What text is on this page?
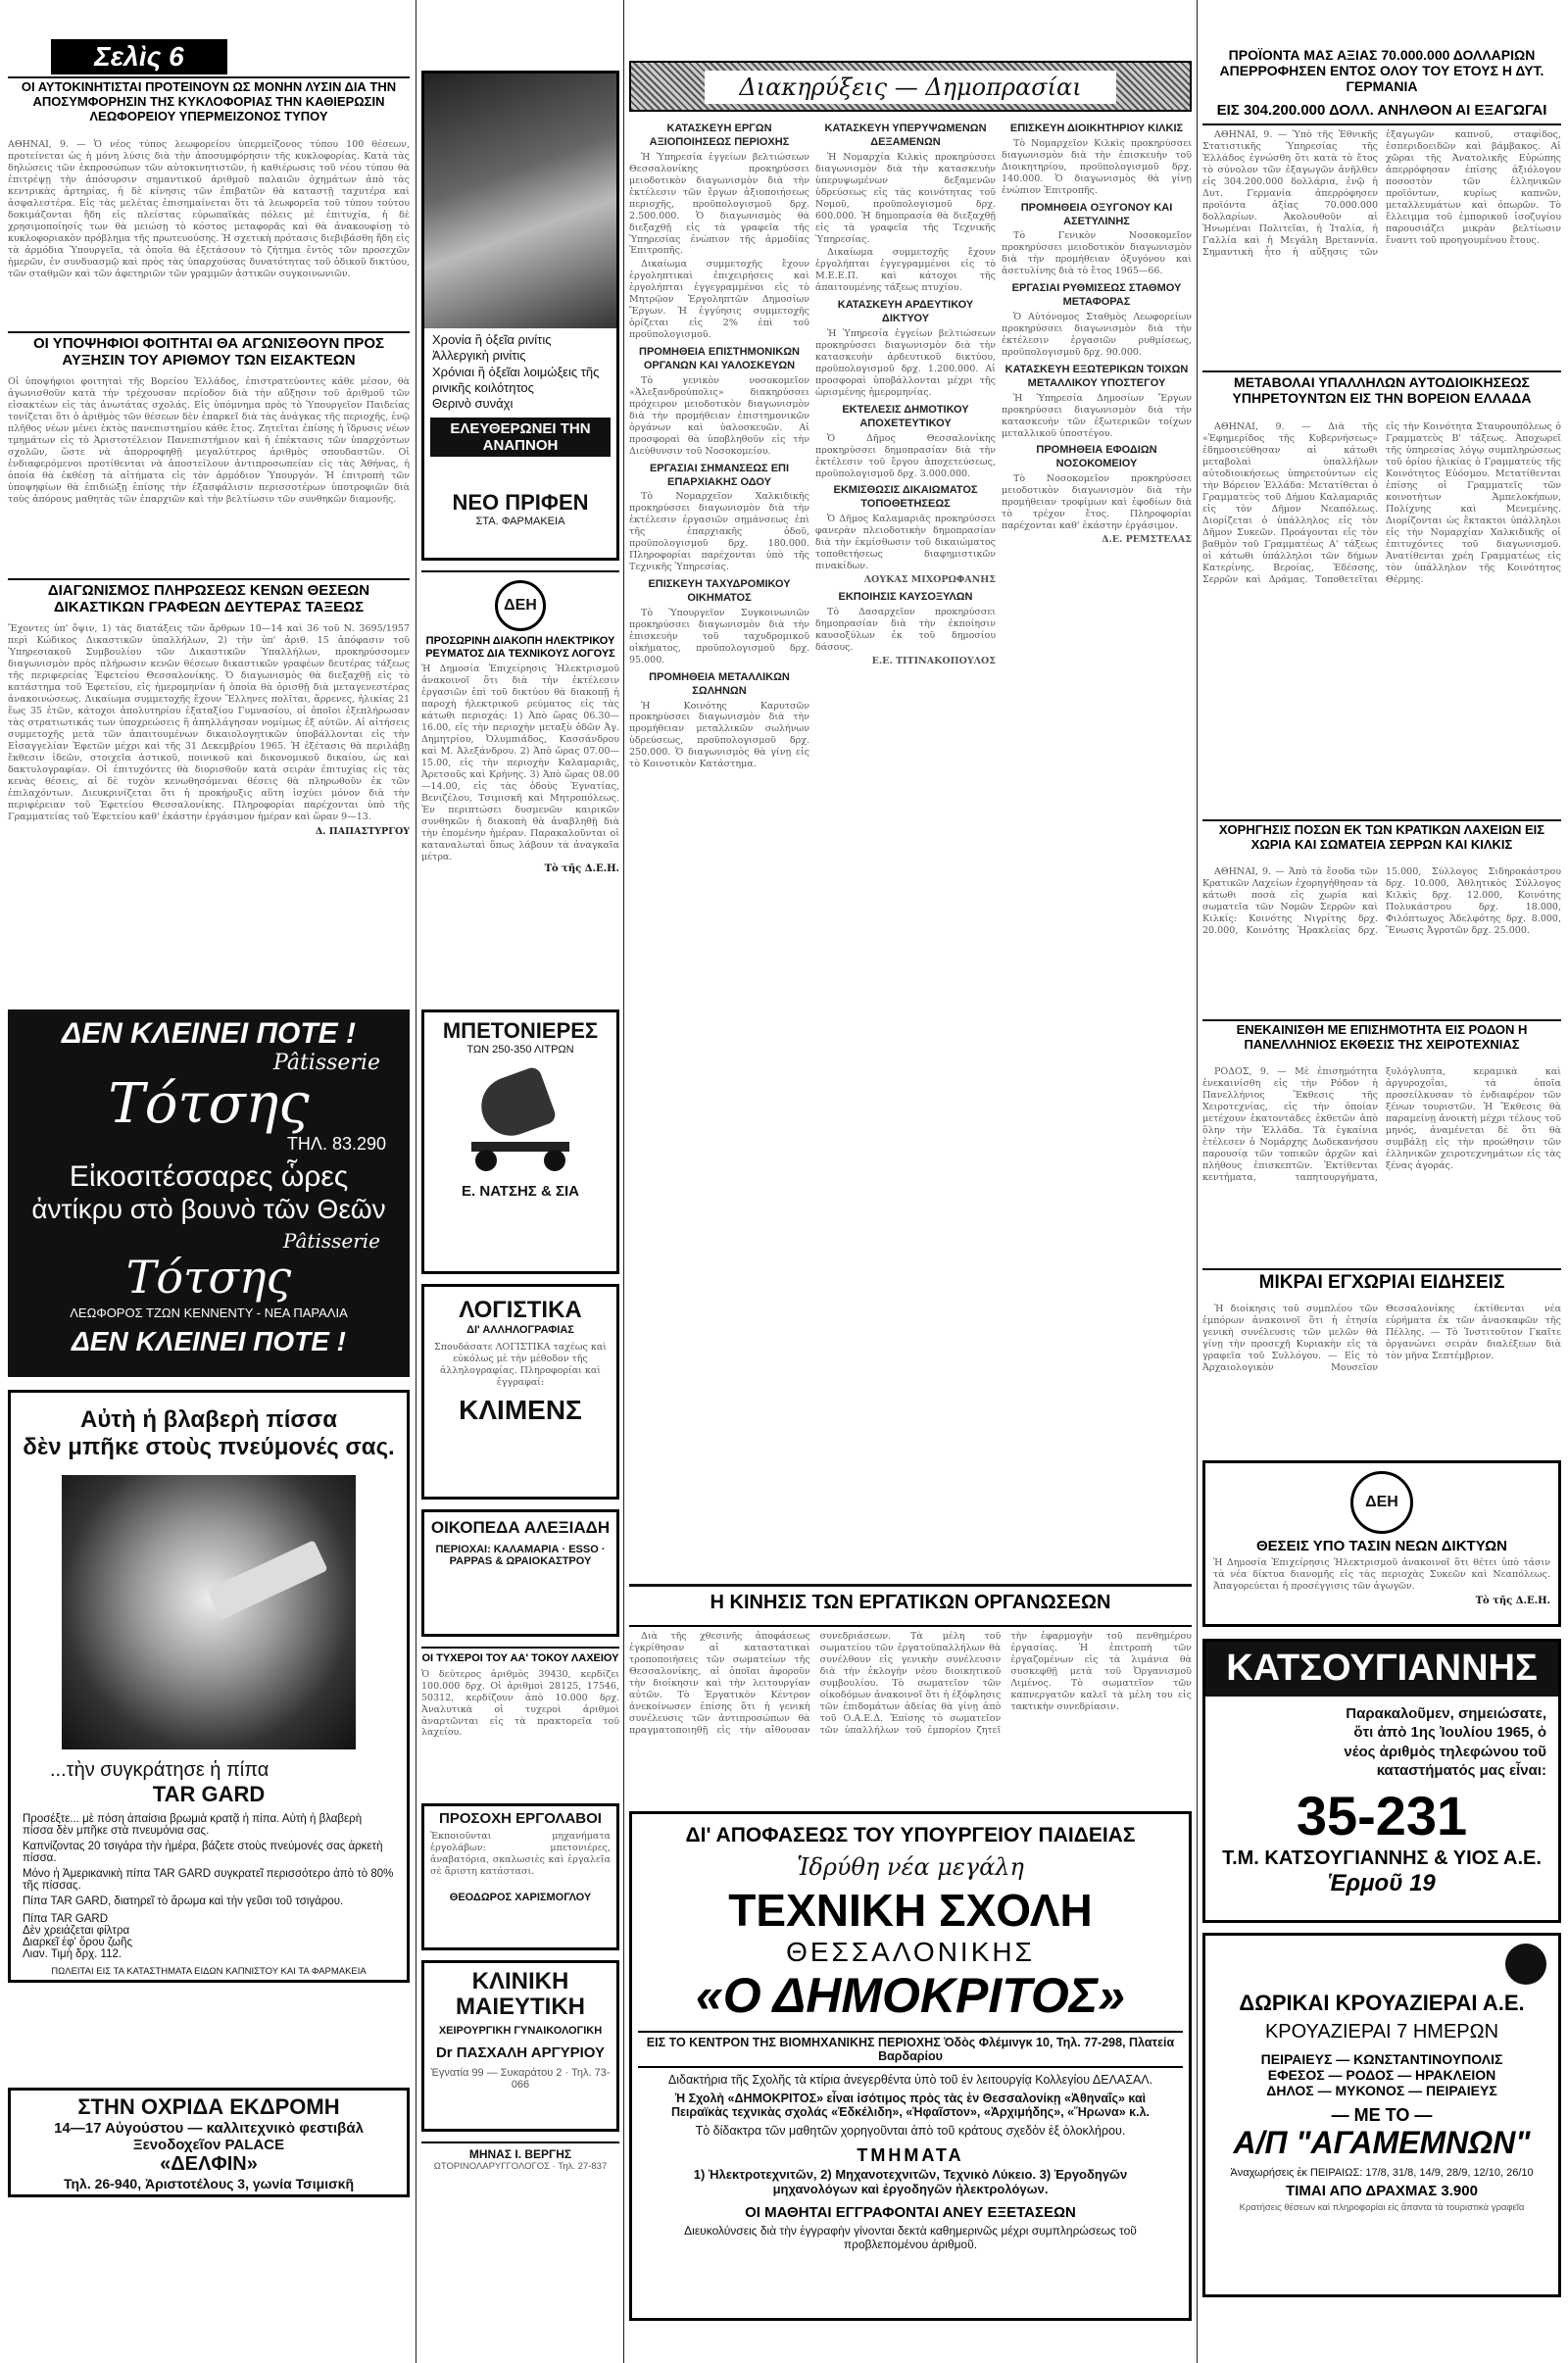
Σελὶς 6
ΟΙ ΑΥΤΟΚΙΝΗΤΙΣΤΑΙ ΠΡΟΤΕΙΝΟΥΝ ΩΣ ΜΟΝΗΝ ΛΥΣΙΝ ΔΙΑ ΤΗΝ ΑΠΟΣΥΜΦΟΡΗΣΙΝ ΤΗΣ ΚΥΚΛΟΦΟΡΙΑΣ ΤΗΝ ΚΑΘΙΕΡΩΣΙΝ ΛΕΩΦΟΡΕΙΟΥ ΥΠΕΡΜΕΙΖΟΝΟΣ ΤΥΠΟΥ
ΑΘΗΝΑΙ, 9. — Ὁ νέος τύπος λεωφορείου ὑπερμείζονος τύπου 100 θέσεων, προτείνεται ὡς ἡ μόνη λύσις διὰ τὴν ἀποσυμφόρησιν τῆς κυκλοφορίας. Κατὰ τὰς δηλώσεις τῶν ἐκπροσώπων τῶν αὐτοκινητιστῶν, ἡ καθιέρωσις τοῦ νέου τύπου θὰ ἐπιτρέψῃ τὴν ἀπόσυρσιν σημαντικοῦ ἀριθμοῦ παλαιῶν ὀχημάτων ἀπὸ τὰς κεντρικὰς ἀρτηρίας, ἡ δὲ κίνησις τῶν ἐπιβατῶν θὰ καταστῇ ταχυτέρα καὶ ἀσφαλεστέρα. Εἰς τὰς μελέτας ἐπισημαίνεται ὅτι τὰ λεωφορεῖα τοῦ τύπου τούτου δοκιμάζονται ἤδη εἰς πλείστας εὐρωπαϊκὰς πόλεις μὲ ἐπιτυχία, ἡ δὲ χρησιμοποίησίς των θὰ μειώσῃ τὸ κόστος μεταφορᾶς καὶ θὰ ἀνακουφίσῃ τὸ κυκλοφοριακὸν πρόβλημα τῆς πρωτευούσης. Ἡ σχετικὴ πρότασις διεβιβάσθη ἤδη εἰς τὰ ἁρμόδια Ὑπουργεῖα, τὰ ὁποῖα θὰ ἐξετάσουν τὸ ζήτημα ἐντὸς τῶν προσεχῶν ἡμερῶν, ἐν συνδυασμῷ καὶ πρὸς τὰς ὑπαρχούσας δυνατότητας τοῦ ὁδικοῦ δικτύου, τῶν σταθμῶν καὶ τῶν ἀφετηριῶν τῶν γραμμῶν ἀστικῶν συγκοινωνιῶν.
ΟΙ ΥΠΟΨΗΦΙΟΙ ΦΟΙΤΗΤΑΙ ΘΑ ΑΓΩΝΙΣΘΟΥΝ ΠΡΟΣ ΑΥΞΗΣΙΝ ΤΟΥ ΑΡΙΘΜΟΥ ΤΩΝ ΕΙΣΑΚΤΕΩΝ
Οἱ ὑποψήφιοι φοιτηταὶ τῆς Βορείου Ἑλλάδος, ἐπιστρατεύοντες κάθε μέσον, θὰ ἀγωνισθοῦν κατὰ τὴν τρέχουσαν περίοδον διὰ τὴν αὔξησιν τοῦ ἀριθμοῦ τῶν εἰσακτέων εἰς τὰς ἀνωτάτας σχολάς. Εἰς ὑπόμνημα πρὸς τὸ Ὑπουργεῖον Παιδείας τονίζεται ὅτι ὁ ἀριθμὸς τῶν θέσεων δὲν ἐπαρκεῖ διὰ τὰς ἀνάγκας τῆς περιοχῆς, ἐνῷ πλῆθος νέων μένει ἐκτὸς πανεπιστημίου κάθε ἔτος. Ζητεῖται ἐπίσης ἡ ἵδρυσις νέων τμημάτων εἰς τὸ Ἀριστοτέλειον Πανεπιστήμιον καὶ ἡ ἐπέκτασις τῶν ὑπαρχόντων σχολῶν, ὥστε νὰ ἀπορροφηθῇ μεγαλύτερος ἀριθμὸς σπουδαστῶν. Οἱ ἐνδιαφερόμενοι προτίθενται νὰ ἀποστείλουν ἀντιπροσωπείαν εἰς τὰς Ἀθήνας, ἡ ὁποία θὰ ἐκθέσῃ τὰ αἰτήματα εἰς τὸν ἁρμόδιον Ὑπουργόν. Ἡ ἐπιτροπὴ τῶν ὑποψηφίων θὰ ἐπιδιώξῃ ἐπίσης τὴν ἐξασφάλισιν περισσοτέρων ὑποτροφιῶν διὰ τοὺς ἀπόρους μαθητὰς τῶν ἐπαρχιῶν καὶ τὴν βελτίωσιν τῶν συνθηκῶν διαμονῆς.
ΔΙΑΓΩΝΙΣΜΟΣ ΠΛΗΡΩΣΕΩΣ ΚΕΝΩΝ ΘΕΣΕΩΝ ΔΙΚΑΣΤΙΚΩΝ ΓΡΑΦΕΩΝ ΔΕΥΤΕΡΑΣ ΤΑΞΕΩΣ
Ἔχοντες ὑπ' ὄψιν, 1) τὰς διατάξεις τῶν ἄρθρων 10—14 καὶ 36 τοῦ Ν. 3695/1957 περὶ Κώδικος Δικαστικῶν ὑπαλλήλων, 2) τὴν ὑπ' ἀριθ. 15 ἀπόφασιν τοῦ Ὑπηρεσιακοῦ Συμβουλίου τῶν Δικαστικῶν Ὑπαλλήλων, προκηρύσσομεν διαγωνισμὸν πρὸς πλήρωσιν κενῶν θέσεων δικαστικῶν γραφέων δευτέρας τάξεως τῆς περιφερείας Ἐφετείου Θεσσαλονίκης. Ὁ διαγωνισμὸς θὰ διεξαχθῇ εἰς τὸ κατάστημα τοῦ Ἐφετείου, εἰς ἡμερομηνίαν ἡ ὁποία θὰ ὁρισθῇ διὰ μεταγενεστέρας ἀνακοινώσεως. Δικαίωμα συμμετοχῆς ἔχουν Ἕλληνες πολῖται, ἄρρενες, ἡλικίας 21 ἕως 35 ἐτῶν, κάτοχοι ἀπολυτηρίου ἑξαταξίου Γυμνασίου, οἱ ὁποῖοι ἐξεπλήρωσαν τὰς στρατιωτικάς των ὑποχρεώσεις ἢ ἀπηλλάγησαν νομίμως ἐξ αὐτῶν. Αἱ αἰτήσεις συμμετοχῆς μετὰ τῶν ἀπαιτουμένων δικαιολογητικῶν ὑποβάλλονται εἰς τὴν Εἰσαγγελίαν Ἐφετῶν μέχρι καὶ τῆς 31 Δεκεμβρίου 1965. Ἡ ἐξέτασις θὰ περιλάβῃ ἔκθεσιν ἰδεῶν, στοιχεῖα ἀστικοῦ, ποινικοῦ καὶ δικονομικοῦ δικαίου, ὡς καὶ δακτυλογραφίαν. Οἱ ἐπιτυχόντες θὰ διορισθοῦν κατὰ σειρὰν ἐπιτυχίας εἰς τὰς κενὰς θέσεις, αἱ δὲ τυχὸν κενωθησόμεναι θέσεις θὰ πληρωθοῦν ἐκ τῶν ἐπιλαχόντων. Διευκρινίζεται ὅτι ἡ προκήρυξις αὕτη ἰσχύει μόνον διὰ τὴν περιφέρειαν τοῦ Ἐφετείου Θεσσαλονίκης. Πληροφορίαι παρέχονται ὑπὸ τῆς Γραμματείας τοῦ Ἐφετείου καθ' ἑκάστην ἐργάσιμον ἡμέραν καὶ ὥραν 9—13.
Δ. ΠΑΠΑΣΤΥΡΓΟΥ
ΔΕΝ ΚΛΕΙΝΕΙ ΠΟΤΕ !
Pâtisserie
Tότσης
ΤΗΛ. 83.290
Εἰκοσιτέσσαρες ὧρες
ἀντίκρυ στὸ βουνὸ τῶν Θεῶν
Pâtisserie
Tότσης
ΛΕΩΦΟΡΟΣ ΤΖΩΝ ΚΕΝΝΕΝΤΥ - ΝΕΑ ΠΑΡΑΛΙΑ
ΔΕΝ ΚΛΕΙΝΕΙ ΠΟΤΕ !
Αὐτὴ ἡ βλαβερὴ πίσσα
δὲν μπῆκε στοὺς πνεύμονές σας.
...τὴν συγκράτησε ἡ πίπα
TAR GARD
Προσέξτε... μὲ πόση ἀπαίσια βρωμιὰ κρατᾷ ἡ πίπα. Αὐτὴ ἡ βλαβερὴ πίσσα δὲν μπῆκε στὰ πνευμόνια σας.
Καπνίζοντας 20 τσιγάρα τὴν ἡμέρα, βάζετε στοὺς πνεύμονές σας ἀρκετὴ πίσσα.
Μόνο ἡ Ἀμερικανικὴ πίπα TAR GARD συγκρατεῖ περισσότερο ἀπὸ τὸ 80% τῆς πίσσας.
Πίπα TAR GARD, διατηρεῖ τὸ ἄρωμα καὶ τὴν γεῦσι τοῦ τσιγάρου.
Πίπα TAR GARD
Δὲν χρειάζεται φίλτρα
Διαρκεῖ ἐφ' ὅρου ζωῆς
Λιαν. Τιμὴ δρχ. 112.
ΠΩΛΕΙΤΑΙ ΕΙΣ ΤΑ ΚΑΤΑΣΤΗΜΑΤΑ ΕΙΔΩΝ ΚΑΠΝΙΣΤΟΥ ΚΑΙ ΤΑ ΦΑΡΜΑΚΕΙΑ
ΣΤΗΝ ΟΧΡΙΔΑ ΕΚΔΡΟΜΗ
14—17 Αὐγούστου — καλλιτεχνικὸ φεστιβάλ
Ξενοδοχεῖον PALACE
«ΔΕΛΦΙΝ»
Τηλ. 26-940, Ἀριστοτέλους 3, γωνία Τσιμισκῆ
Χρονία ἢ ὀξεῖα ρινίτις
Ἀλλεργικὴ ρινίτις
Χρόνιαι ἢ ὀξεῖαι λοιμώξεις τῆς ρινικῆς κοιλότητος
Θερινὸ συνάχι
ΕΛΕΥΘΕΡΩΝΕΙ ΤΗΝ ΑΝΑΠΝΟΗ
ΝΕΟ ΠΡΙΦΕΝ
ΣΤΑ. ΦΑΡΜΑΚΕΙΑ
ΔΕΗ
ΠΡΟΣΩΡΙΝΗ ΔΙΑΚΟΠΗ ΗΛΕΚΤΡΙΚΟΥ ΡΕΥΜΑΤΟΣ ΔΙΑ ΤΕΧΝΙΚΟΥΣ ΛΟΓΟΥΣ
Ἡ Δημοσία Ἐπιχείρησις Ἠλεκτρισμοῦ ἀνακοινοῖ ὅτι διὰ τὴν ἐκτέλεσιν ἐργασιῶν ἐπὶ τοῦ δικτύου θὰ διακοπῇ ἡ παροχὴ ἠλεκτρικοῦ ρεύματος εἰς τὰς κάτωθι περιοχάς: 1) Ἀπὸ ὥρας 06.30—16.00, εἰς τὴν περιοχὴν μεταξὺ ὁδῶν Ἀγ. Δημητρίου, Ὀλυμπιάδος, Κασσάνδρου καὶ Μ. Ἀλεξάνδρου. 2) Ἀπὸ ὥρας 07.00—15.00, εἰς τὴν περιοχὴν Καλαμαριᾶς, Ἀρετσοῦς καὶ Κρήνης. 3) Ἀπὸ ὥρας 08.00—14.00, εἰς τὰς ὁδοὺς Ἐγνατίας, Βενιζέλου, Τσιμισκῆ καὶ Μητροπόλεως. Ἐν περιπτώσει δυσμενῶν καιρικῶν συνθηκῶν ἡ διακοπὴ θὰ ἀναβληθῇ διὰ τὴν ἑπομένην ἡμέραν. Παρακαλοῦνται οἱ καταναλωταὶ ὅπως λάβουν τὰ ἀναγκαῖα μέτρα.
Τὸ τῆς Δ.Ε.Η.
ΜΠΕΤΟΝΙΕΡΕΣ
ΤΩΝ 250-350 ΛΙΤΡΩΝ
Ε. ΝΑΤΣΗΣ & ΣΙΑ
ΛΟΓΙΣΤΙΚΑ
ΔΙ' ΑΛΛΗΛΟΓΡΑΦΙΑΣ
Σπουδάσατε ΛΟΓΙΣΤΙΚΑ ταχέως καὶ εὐκόλως μὲ τὴν μέθοδον τῆς ἀλληλογραφίας. Πληροφορίαι καὶ ἐγγραφαί:
ΚΛΙΜΕΝΣ
ΟΙΚΟΠΕΔΑ ΑΛΕΞΙΑΔΗ
ΠΕΡΙΟΧΑΙ: ΚΑΛΑΜΑΡΙΑ · ESSO · PAPPAS & ΩΡΑΙΟΚΑΣΤΡΟΥ
ΟΙ ΤΥΧΕΡΟΙ ΤΟΥ ΑΑ' ΤΟΚΟΥ ΛΑΧΕΙΟΥ
Ὁ δεύτερος ἀριθμὸς 39430, κερδίζει 100.000 δρχ. Οἱ ἀριθμοὶ 28125, 17546, 50312, κερδίζουν ἀπὸ 10.000 δρχ. Ἀναλυτικὰ οἱ τυχεροὶ ἀριθμοὶ ἀναρτῶνται εἰς τὰ πρακτορεῖα τοῦ λαχείου.
ΠΡΟΣΟΧΗ ΕΡΓΟΛΑΒΟΙ
Ἐκποιοῦνται μηχανήματα ἐργολάβων: μπετονιέρες, ἀναβατόρια, σκαλωσιὲς καὶ ἐργαλεῖα σὲ ἄριστη κατάστασι.
ΘΕΟΔΩΡΟΣ ΧΑΡΙΣΜΟΓΛΟΥ
ΚΛΙΝΙΚΗ ΜΑΙΕΥΤΙΚΗ
ΧΕΙΡΟΥΡΓΙΚΗ ΓΥΝΑΙΚΟΛΟΓΙΚΗ
Dr ΠΑΣΧΑΛΗ ΑΡΓΥΡΙΟΥ
Ἐγνατία 99 — Συκαράτου 2 · Τηλ. 73-066
ΜΗΝΑΣ Ι. ΒΕΡΓΗΣ
ΩΤΟΡΙΝΟΛΑΡΥΓΓΟΛΟΓΟΣ · Τηλ. 27-837
Διακηρύξεις — Δημοπρασίαι
ΚΑΤΑΣΚΕΥΗ ΕΡΓΩΝ ΑΞΙΟΠΟΙΗΣΕΩΣ ΠΕΡΙΟΧΗΣ

Ἡ Ὑπηρεσία ἐγγείων βελτιώσεων Θεσσαλονίκης προκηρύσσει μειοδοτικὸν διαγωνισμὸν διὰ τὴν ἐκτέλεσιν τῶν ἔργων ἀξιοποιήσεως περιοχῆς, προϋπολογισμοῦ δρχ. 2.500.000. Ὁ διαγωνισμὸς θὰ διεξαχθῇ εἰς τὰ γραφεῖα τῆς Ὑπηρεσίας ἐνώπιον τῆς ἁρμοδίας Ἐπιτροπῆς.

Δικαίωμα συμμετοχῆς ἔχουν ἐργοληπτικαὶ ἐπιχειρήσεις καὶ ἐργολήπται ἐγγεγραμμένοι εἰς τὸ Μητρῷον Ἐργοληπτῶν Δημοσίων Ἔργων. Ἡ ἐγγύησις συμμετοχῆς ὁρίζεται εἰς 2% ἐπὶ τοῦ προϋπολογισμοῦ.

ΠΡΟΜΗΘΕΙΑ ΕΠΙΣΤΗΜΟΝΙΚΩΝ ΟΡΓΑΝΩΝ ΚΑΙ ΥΑΛΟΣΚΕΥΩΝ

Τὸ γενικὸν νοσοκομεῖον «Ἀλεξανδρούπολις» διακηρύσσει πρόχειρον μειοδοτικὸν διαγωνισμὸν διὰ τὴν προμήθειαν ἐπιστημονικῶν ὀργάνων καὶ ὑαλοσκευῶν. Αἱ προσφοραὶ θὰ ὑποβληθοῦν εἰς τὴν Διεύθυνσιν τοῦ Νοσοκομείου.

ΕΡΓΑΣΙΑΙ ΣΗΜΑΝΣΕΩΣ ΕΠΙ ΕΠΑΡΧΙΑΚΗΣ ΟΔΟΥ

Τὸ Νομαρχεῖον Χαλκιδικῆς προκηρύσσει διαγωνισμὸν διὰ τὴν ἐκτέλεσιν ἐργασιῶν σημάνσεως ἐπὶ τῆς ἐπαρχιακῆς ὁδοῦ, προϋπολογισμοῦ δρχ. 180.000. Πληροφορίαι παρέχονται ὑπὸ τῆς Τεχνικῆς Ὑπηρεσίας.

ΕΠΙΣΚΕΥΗ ΤΑΧΥΔΡΟΜΙΚΟΥ ΟΙΚΗΜΑΤΟΣ

Τὸ Ὑπουργεῖον Συγκοινωνιῶν προκηρύσσει διαγωνισμὸν διὰ τὴν ἐπισκευὴν τοῦ ταχυδρομικοῦ οἰκήματος, προϋπολογισμοῦ δρχ. 95.000.

ΠΡΟΜΗΘΕΙΑ ΜΕΤΑΛΛΙΚΩΝ ΣΩΛΗΝΩΝ

Ἡ Κοινότης Καρυτσῶν προκηρύσσει διαγωνισμὸν διὰ τὴν προμήθειαν μεταλλικῶν σωλήνων ὑδρεύσεως, προϋπολογισμοῦ δρχ. 250.000. Ὁ διαγωνισμὸς θὰ γίνῃ εἰς τὸ Κοινοτικὸν Κατάστημα.

ΚΑΤΑΣΚΕΥΗ ΥΠΕΡΥΨΩΜΕΝΩΝ ΔΕΞΑΜΕΝΩΝ

Ἡ Νομαρχία Κιλκὶς προκηρύσσει διαγωνισμὸν διὰ τὴν κατασκευὴν ὑπερυψωμένων δεξαμενῶν ὑδρεύσεως εἰς τὰς κοινότητας τοῦ Νομοῦ, προϋπολογισμοῦ δρχ. 600.000. Ἡ δημοπρασία θὰ διεξαχθῇ εἰς τὰ γραφεῖα τῆς Τεχνικῆς Ὑπηρεσίας.

Δικαίωμα συμμετοχῆς ἔχουν ἐργολήπται ἐγγεγραμμένοι εἰς τὸ Μ.Ε.Ε.Π. καὶ κάτοχοι τῆς ἀπαιτουμένης τάξεως πτυχίου.

ΚΑΤΑΣΚΕΥΗ ΑΡΔΕΥΤΙΚΟΥ ΔΙΚΤΥΟΥ

Ἡ Ὑπηρεσία ἐγγείων βελτιώσεων προκηρύσσει διαγωνισμὸν διὰ τὴν κατασκευὴν ἀρδευτικοῦ δικτύου, προϋπολογισμοῦ δρχ. 1.200.000. Αἱ προσφοραὶ ὑποβάλλονται μέχρι τῆς ὡρισμένης ἡμερομηνίας.

ΕΚΤΕΛΕΣΙΣ ΔΗΜΟΤΙΚΟΥ ΑΠΟΧΕΤΕΥΤΙΚΟΥ

Ὁ Δῆμος Θεσσαλονίκης προκηρύσσει δημοπρασίαν διὰ τὴν ἐκτέλεσιν τοῦ ἔργου ἀποχετεύσεως, προϋπολογισμοῦ δρχ. 3.000.000.

ΕΚΜΙΣΘΩΣΙΣ ΔΙΚΑΙΩΜΑΤΟΣ ΤΟΠΟΘΕΤΗΣΕΩΣ

Ὁ Δῆμος Καλαμαριᾶς προκηρύσσει φανερὰν πλειοδοτικὴν δημοπρασίαν διὰ τὴν ἐκμίσθωσιν τοῦ δικαιώματος τοποθετήσεως διαφημιστικῶν πινακίδων.

ΛΟΥΚΑΣ ΜΙΧΟΡΩΦΑΝΗΣ

ΕΚΠΟΙΗΣΙΣ ΚΑΥΣΟΞΥΛΩΝ

Τὸ Δασαρχεῖον προκηρύσσει δημοπρασίαν διὰ τὴν ἐκποίησιν καυσοξύλων ἐκ τοῦ δημοσίου δάσους.

Ε.Ε. ΤΙΤΙΝΑΚΟΠΟΥΛΟΣ

ΕΠΙΣΚΕΥΗ ΔΙΟΙΚΗΤΗΡΙΟΥ ΚΙΛΚΙΣ

Τὸ Νομαρχεῖον Κιλκὶς προκηρύσσει διαγωνισμὸν διὰ τὴν ἐπισκευὴν τοῦ Διοικητηρίου, προϋπολογισμοῦ δρχ. 140.000. Ὁ διαγωνισμὸς θὰ γίνῃ ἐνώπιον Ἐπιτροπῆς.

ΠΡΟΜΗΘΕΙΑ ΟΞΥΓΟΝΟΥ ΚΑΙ ΑΣΕΤΥΛΙΝΗΣ

Τὸ Γενικὸν Νοσοκομεῖον προκηρύσσει μειοδοτικὸν διαγωνισμὸν διὰ τὴν προμήθειαν ὀξυγόνου καὶ ἀσετυλίνης διὰ τὸ ἔτος 1965—66.

ΕΡΓΑΣΙΑΙ ΡΥΘΜΙΣΕΩΣ ΣΤΑΘΜΟΥ ΜΕΤΑΦΟΡΑΣ

Ὁ Αὐτόνομος Σταθμὸς Λεωφορείων προκηρύσσει διαγωνισμὸν διὰ τὴν ἐκτέλεσιν ἐργασιῶν ρυθμίσεως, προϋπολογισμοῦ δρχ. 90.000.

ΚΑΤΑΣΚΕΥΗ ΕΞΩΤΕΡΙΚΩΝ ΤΟΙΧΩΝ ΜΕΤΑΛΛΙΚΟΥ ΥΠΟΣΤΕΓΟΥ

Ἡ Ὑπηρεσία Δημοσίων Ἔργων προκηρύσσει διαγωνισμὸν διὰ τὴν κατασκευὴν τῶν ἐξωτερικῶν τοίχων μεταλλικοῦ ὑποστέγου.

ΠΡΟΜΗΘΕΙΑ ΕΦΟΔΙΩΝ ΝΟΣΟΚΟΜΕΙΟΥ

Τὸ Νοσοκομεῖον προκηρύσσει μειοδοτικὸν διαγωνισμὸν διὰ τὴν προμήθειαν τροφίμων καὶ ἐφοδίων διὰ τὸ τρέχον ἔτος. Πληροφορίαι παρέχονται καθ' ἑκάστην ἐργάσιμον.

Δ.Ε. ΡΕΜΣΤΕΛΑΣ

Η ΚΙΝΗΣΙΣ ΤΩΝ ΕΡΓΑΤΙΚΩΝ ΟΡΓΑΝΩΣΕΩΝ

Διὰ τῆς χθεσινῆς ἀποφάσεως ἐγκρίθησαν αἱ καταστατικαὶ τροποποιήσεις τῶν σωματείων τῆς Θεσσαλονίκης, αἱ ὁποῖαι ἀφοροῦν τὴν διοίκησιν καὶ τὴν λειτουργίαν αὐτῶν. Τὸ Ἐργατικὸν Κέντρον ἀνεκοίνωσεν ἐπίσης ὅτι ἡ γενικὴ συνέλευσις τῶν ἀντιπροσώπων θὰ πραγματοποιηθῇ εἰς τὴν αἴθουσαν συνεδριάσεων. Τὰ μέλη τοῦ σωματείου τῶν ἐργατοϋπαλλήλων θὰ συνέλθουν εἰς γενικὴν συνέλευσιν διὰ τὴν ἐκλογὴν νέου διοικητικοῦ συμβουλίου. Τὸ σωματεῖον τῶν οἰκοδόμων ἀνακοινοῖ ὅτι ἡ ἐξόφλησις τῶν ἐπιδομάτων ἀδείας θὰ γίνῃ ἀπὸ τοῦ Ο.Α.Ε.Δ. Ἐπίσης τὸ σωματεῖον τῶν ὑπαλλήλων τοῦ ἐμπορίου ζητεῖ τὴν ἐφαρμογὴν τοῦ πενθημέρου ἐργασίας. Ἡ ἐπιτροπὴ τῶν ἐργαζομένων εἰς τὰ λιμάνια θὰ συσκεφθῇ μετὰ τοῦ Ὀργανισμοῦ Λιμένος. Τὸ σωματεῖον τῶν καπνεργατῶν καλεῖ τὰ μέλη του εἰς τακτικὴν συνεδρίασιν.

ΔΙ' ΑΠΟΦΑΣΕΩΣ ΤΟΥ ΥΠΟΥΡΓΕΙΟΥ ΠΑΙΔΕΙΑΣ
Ἱδρύθη νέα μεγάλη
ΤΕΧΝΙΚΗ ΣΧΟΛΗ
ΘΕΣΣΑΛΟΝΙΚΗΣ
«Ο ΔΗΜΟΚΡΙΤΟΣ»
ΕΙΣ ΤΟ ΚΕΝΤΡΟΝ ΤΗΣ ΒΙΟΜΗΧΑΝΙΚΗΣ ΠΕΡΙΟΧΗΣ Ὁδὸς Φλέμινγκ 10, Τηλ. 77-298, Πλατεία Βαρδαρίου
Διδακτήρια τῆς Σχολῆς τὰ κτίρια ἀνεγερθέντα ὑπὸ τοῦ ἐν λειτουργίᾳ Κολλεγίου ΔΕΛΑΣΑΛ.
Ἡ Σχολὴ «ΔΗΜΟΚΡΙΤΟΣ» εἶναι ἰσότιμος πρὸς τὰς ἐν Θεσσαλονίκῃ «Ἀθηναΐς» καὶ Πειραϊκὰς τεχνικὰς σχολάς «Ἐδκέλιδη», «Ἡφαῖστον», «Ἀρχιμήδης», «Ἥρωνα» κ.λ.
Τὸ δίδακτρα τῶν μαθητῶν χορηγοῦνται ἀπὸ τοῦ κράτους σχεδὸν ἐξ ὁλοκλήρου.
ΤΜΗΜΑΤΑ
1) Ἠλεκτροτεχνιτῶν, 2) Μηχανοτεχνιτῶν, Τεχνικὸ Λύκειο. 3) Ἐργοδηγῶν μηχανολόγων καὶ ἐργοδηγῶν ἠλεκτρολόγων.
ΟΙ ΜΑΘΗΤΑΙ ΕΓΓΡΑΦΟΝΤΑΙ ΑΝΕΥ ΕΞΕΤΑΣΕΩΝ
Διευκολύνσεις διὰ τὴν ἐγγραφὴν γίνονται δεκτὰ καθημερινῶς μέχρι συμπληρώσεως τοῦ προβλεπομένου ἀριθμοῦ.
ΠΡΟΪΟΝΤΑ ΜΑΣ ΑΞΙΑΣ 70.000.000 ΔΟΛΛΑΡΙΩΝ ΑΠΕΡΡΟΦΗΣΕΝ ΕΝΤΟΣ ΟΛΟΥ ΤΟΥ ΕΤΟΥΣ Η ΔΥΤ. ΓΕΡΜΑΝΙΑ
ΕΙΣ 304.200.000 ΔΟΛΛ. ΑΝΗΛΘΟΝ ΑΙ ΕΞΑΓΩΓΑΙ

ΑΘΗΝΑΙ, 9. — Ὑπὸ τῆς Ἐθνικῆς Στατιστικῆς Ὑπηρεσίας τῆς Ἑλλάδος ἐγνώσθη ὅτι κατὰ τὸ ἔτος τὸ σύνολον τῶν ἐξαγωγῶν ἀνῆλθεν εἰς 304.200.000 δολλάρια, ἐνῷ ἡ Δυτ. Γερμανία ἀπερρόφησεν προϊόντα ἀξίας 70.000.000 δολλαρίων. Ἀκολουθοῦν αἱ Ἡνωμέναι Πολιτεῖαι, ἡ Ἰταλία, ἡ Γαλλία καὶ ἡ Μεγάλη Βρεταννία. Σημαντικὴ ἦτο ἡ αὔξησις τῶν ἐξαγωγῶν καπνοῦ, σταφίδος, ἐσπεριδοειδῶν καὶ βάμβακος. Αἱ χῶραι τῆς Ἀνατολικῆς Εὐρώπης ἀπερρόφησαν ἐπίσης ἀξιόλογον ποσοστὸν τῶν ἑλληνικῶν προϊόντων, κυρίως καπνῶν, μεταλλευμάτων καὶ ὀπωρῶν. Τὸ ἔλλειμμα τοῦ ἐμπορικοῦ ἰσοζυγίου παρουσιάζει μικρὰν βελτίωσιν ἔναντι τοῦ προηγουμένου ἔτους.

ΜΕΤΑΒΟΛΑΙ ΥΠΑΛΛΗΛΩΝ ΑΥΤΟΔΙΟΙΚΗΣΕΩΣ ΥΠΗΡΕΤΟΥΝΤΩΝ ΕΙΣ ΤΗΝ ΒΟΡΕΙΟΝ ΕΛΛΑΔΑ

ΑΘΗΝΑΙ, 9. — Διὰ τῆς «Ἐφημερίδος τῆς Κυβερνήσεως» ἐδημοσιεύθησαν αἱ κάτωθι μεταβολαὶ ὑπαλλήλων αὐτοδιοικήσεως ὑπηρετούντων εἰς τὴν Βόρειον Ἑλλάδα: Μετατίθεται ὁ Γραμματεὺς τοῦ Δήμου Καλαμαριᾶς εἰς τὸν Δῆμον Νεαπόλεως. Διορίζεται ὁ ὑπάλληλος εἰς τὸν Δῆμον Συκεῶν. Προάγονται εἰς τὸν βαθμὸν τοῦ Γραμματέως Α' τάξεως οἱ κάτωθι ὑπάλληλοι τῶν δήμων Κατερίνης, Βεροίας, Ἐδέσσης, Σερρῶν καὶ Δράμας. Τοποθετεῖται εἰς τὴν Κοινότητα Σταυρουπόλεως ὁ Γραμματεὺς Β' τάξεως. Ἀποχωρεῖ τῆς ὑπηρεσίας λόγῳ συμπληρώσεως τοῦ ὁρίου ἡλικίας ὁ Γραμματεὺς τῆς Κοινότητος Εὐόσμου. Μετατίθενται ἐπίσης οἱ Γραμματεῖς τῶν κοινοτήτων Ἀμπελοκήπων, Πολίχνης καὶ Μενεμένης. Διορίζονται ὡς ἔκτακτοι ὑπάλληλοι εἰς τὴν Νομαρχίαν Χαλκιδικῆς οἱ ἐπιτυχόντες τοῦ διαγωνισμοῦ. Ἀνατίθενται χρέη Γραμματέως εἰς τὸν ὑπάλληλον τῆς Κοινότητος Θέρμης.

ΧΟΡΗΓΗΣΙΣ ΠΟΣΩΝ ΕΚ ΤΩΝ ΚΡΑΤΙΚΩΝ ΛΑΧΕΙΩΝ ΕΙΣ ΧΩΡΙΑ ΚΑΙ ΣΩΜΑΤΕΙΑ ΣΕΡΡΩΝ ΚΑΙ ΚΙΛΚΙΣ

ΑΘΗΝΑΙ, 9. — Ἀπὸ τὰ ἔσοδα τῶν Κρατικῶν Λαχείων ἐχορηγήθησαν τὰ κάτωθι ποσὰ εἰς χωρία καὶ σωματεῖα τῶν Νομῶν Σερρῶν καὶ Κιλκίς: Κοινότης Νιγρίτης δρχ. 20.000, Κοινότης Ἡρακλείας δρχ. 15.000, Σύλλογος Σιδηροκάστρου δρχ. 10.000, Ἀθλητικὸς Σύλλογος Κιλκὶς δρχ. 12.000, Κοινότης Πολυκάστρου δρχ. 18.000, Φιλόπτωχος Ἀδελφότης δρχ. 8.000, Ἕνωσις Ἀγροτῶν δρχ. 25.000.

ΕΝΕΚΑΙΝΙΣΘΗ ΜΕ ΕΠΙΣΗΜΟΤΗΤΑ ΕΙΣ ΡΟΔΟΝ Η ΠΑΝΕΛΛΗΝΙΟΣ ΕΚΘΕΣΙΣ ΤΗΣ ΧΕΙΡΟΤΕΧΝΙΑΣ

ΡΟΔΟΣ, 9. — Μὲ ἐπισημότητα ἐνεκαινίσθη εἰς τὴν Ρόδον ἡ Πανελλήνιος Ἔκθεσις τῆς Χειροτεχνίας, εἰς τὴν ὁποίαν μετέχουν ἑκατοντάδες ἐκθετῶν ἀπὸ ὅλην τὴν Ἑλλάδα. Τὰ ἐγκαίνια ἐτέλεσεν ὁ Νομάρχης Δωδεκανήσου παρουσίᾳ τῶν τοπικῶν ἀρχῶν καὶ πλήθους ἐπισκεπτῶν. Ἐκτίθενται κεντήματα, ταπητουργήματα, ξυλόγλυπτα, κεραμικὰ καὶ ἀργυροχοΐαι, τὰ ὁποῖα προσείλκυσαν τὸ ἐνδιαφέρον τῶν ξένων τουριστῶν. Ἡ Ἔκθεσις θὰ παραμείνῃ ἀνοικτὴ μέχρι τέλους τοῦ μηνός, ἀναμένεται δὲ ὅτι θὰ συμβάλῃ εἰς τὴν προώθησιν τῶν ἑλληνικῶν χειροτεχνημάτων εἰς τὰς ξένας ἀγοράς.

ΜΙΚΡΑΙ ΕΓΧΩΡΙΑΙ ΕΙΔΗΣΕΙΣ

Ἡ διοίκησις τοῦ συμπλέου τῶν ἐμπόρων ἀνακοινοῖ ὅτι ἡ ἐτησία γενικὴ συνέλευσις τῶν μελῶν θὰ γίνῃ τὴν προσεχῆ Κυριακὴν εἰς τὰ γραφεῖα τοῦ Συλλόγου. — Εἰς τὸ Ἀρχαιολογικὸν Μουσεῖον Θεσσαλονίκης ἐκτίθενται νέα εὑρήματα ἐκ τῶν ἀνασκαφῶν τῆς Πέλλης. — Τὸ Ἰνστιτοῦτον Γκαῖτε ὀργανώνει σειρὰν διαλέξεων διὰ τὸν μῆνα Σεπτέμβριον.

ΔΕΗ
ΘΕΣΕΙΣ ΥΠΟ ΤΑΣΙΝ ΝΕΩΝ ΔΙΚΤΥΩΝ
Ἡ Δημοσία Ἐπιχείρησις Ἠλεκτρισμοῦ ἀνακοινοῖ ὅτι θέτει ὑπὸ τάσιν τὰ νέα δίκτυα διανομῆς εἰς τὰς περιοχὰς Συκεῶν καὶ Νεαπόλεως. Ἀπαγορεύεται ἡ προσέγγισις τῶν ἀγωγῶν.
Τὸ τῆς Δ.Ε.Η.
ΚΑΤΣΟΥΓΙΑΝΝΗΣ
Παρακαλοῦμεν, σημειώσατε, ὅτι ἀπὸ 1ης Ἰουλίου 1965, ὁ νέος ἀριθμὸς τηλεφώνου τοῦ καταστήματός μας εἶναι:
35-231
Τ.Μ. ΚΑΤΣΟΥΓΙΑΝΝΗΣ & ΥΙΟΣ Α.Ε.
Ἑρμοῦ 19
ΔΩΡΙΚΑΙ ΚΡΟΥΑΖΙΕΡΑΙ Α.Ε.
ΚΡΟΥΑΖΙΕΡΑΙ 7 ΗΜΕΡΩΝ
ΠΕΙΡΑΙΕΥΣ — ΚΩΝΣΤΑΝΤΙΝΟΥΠΟΛΙΣ
ΕΦΕΣΟΣ — ΡΟΔΟΣ — ΗΡΑΚΛΕΙΟΝ
ΔΗΛΟΣ — ΜΥΚΟΝΟΣ — ΠΕΙΡΑΙΕΥΣ
— ΜΕ ΤΟ —
Α/Π "ΑΓΑΜΕΜΝΩΝ"
Ἀναχωρήσεις ἐκ ΠΕΙΡΑΙΩΣ: 17/8, 31/8, 14/9, 28/9, 12/10, 26/10
ΤΙΜΑΙ ΑΠΟ ΔΡΑΧΜΑΣ 3.900
Κρατήσεις θέσεων καὶ πληροφορίαι εἰς ἅπαντα τὰ τουριστικὰ γραφεῖα
